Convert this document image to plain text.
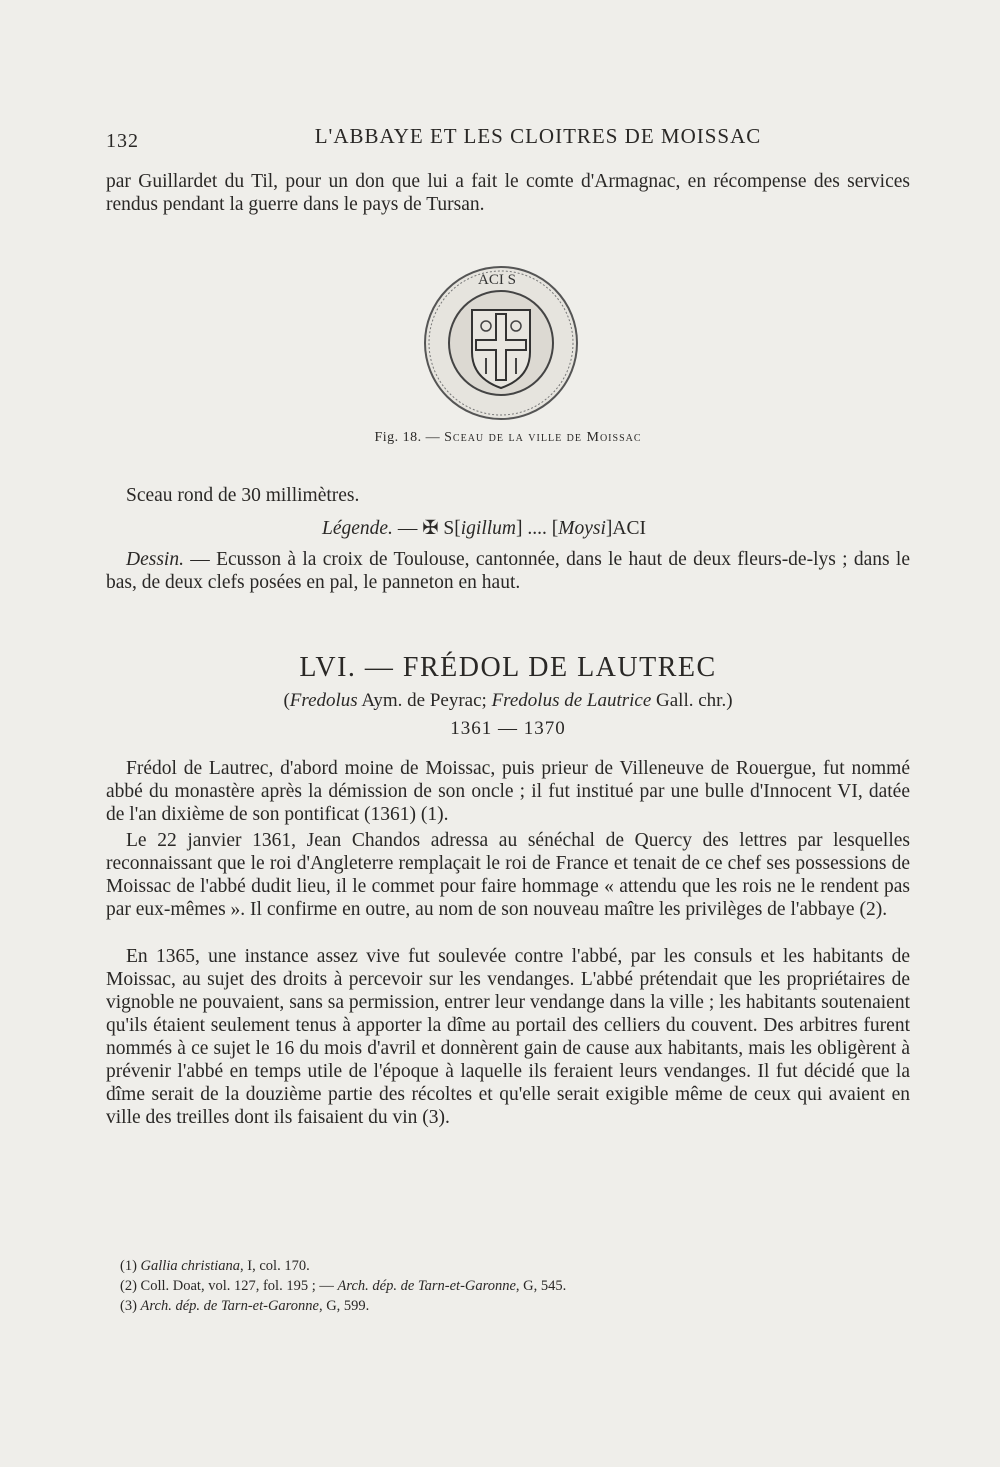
132	L'ABBAYE ET LES CLOITRES DE MOISSAC
par Guillardet du Til, pour un don que lui a fait le comte d'Armagnac, en récompense des services rendus pendant la guerre dans le pays de Tursan.
ACI S
Fig. 18. — Sceau de la ville de Moissac
Sceau rond de 30 millimètres.
Légende. — ✠ S[igillum] .... [Moysi]ACI
Dessin. — Ecusson à la croix de Toulouse, cantonnée, dans le haut de deux fleurs-de-lys ; dans le bas, de deux clefs posées en pal, le panneton en haut.
LVI. — FRÉDOL DE LAUTREC
(Fredolus Aym. de Peyrac; Fredolus de Lautrice Gall. chr.)
1361 — 1370
Frédol de Lautrec, d'abord moine de Moissac, puis prieur de Villeneuve de Rouergue, fut nommé abbé du monastère après la démission de son oncle ; il fut institué par une bulle d'Innocent VI, datée de l'an dixième de son pontificat (1361) (1).
Le 22 janvier 1361, Jean Chandos adressa au sénéchal de Quercy des lettres par lesquelles reconnaissant que le roi d'Angleterre remplaçait le roi de France et tenait de ce chef ses possessions de Moissac de l'abbé dudit lieu, il le commet pour faire hommage « attendu que les rois ne le rendent pas par eux-mêmes ». Il confirme en outre, au nom de son nouveau maître les privilèges de l'abbaye (2).
En 1365, une instance assez vive fut soulevée contre l'abbé, par les consuls et les habitants de Moissac, au sujet des droits à percevoir sur les vendanges. L'abbé prétendait que les propriétaires de vignoble ne pouvaient, sans sa permission, entrer leur vendange dans la ville ; les habitants soutenaient qu'ils étaient seulement tenus à apporter la dîme au portail des celliers du couvent. Des arbitres furent nommés à ce sujet le 16 du mois d'avril et donnèrent gain de cause aux habitants, mais les obligèrent à prévenir l'abbé en temps utile de l'époque à laquelle ils feraient leurs vendanges. Il fut décidé que la dîme serait de la douzième partie des récoltes et qu'elle serait exigible même de ceux qui avaient en ville des treilles dont ils faisaient du vin (3).
(1) Gallia christiana, I, col. 170.
(2) Coll. Doat, vol. 127, fol. 195 ; — Arch. dép. de Tarn-et-Garonne, G, 545.
(3) Arch. dép. de Tarn-et-Garonne, G, 599.
